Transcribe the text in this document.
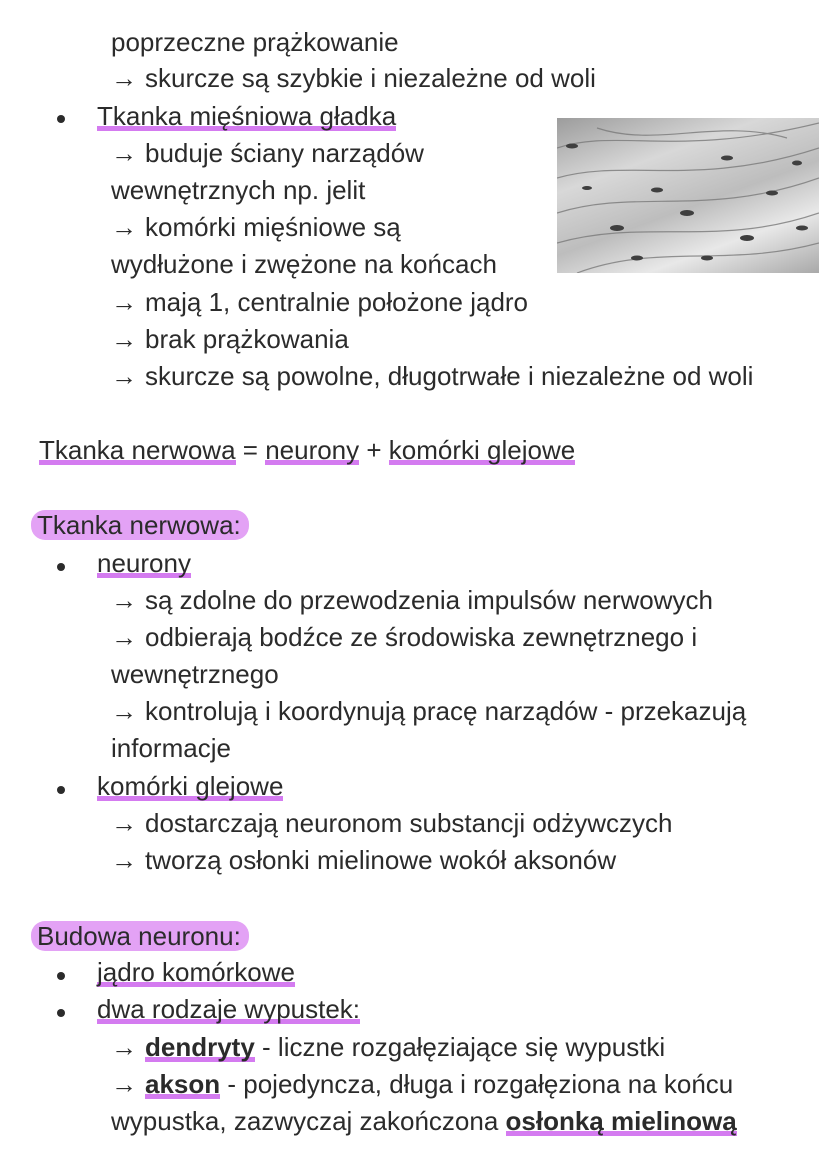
poprzeczne prążkowanie
→ skurcze są szybkie i niezależne od woli
Tkanka mięśniowa gładka
→ buduje ściany narządów
wewnętrznych np. jelit
→ komórki mięśniowe są
wydłużone i zwężone na końcach
→ mają 1, centralnie położone jądro
→ brak prążkowania
→ skurcze są powolne, długotrwałe i niezależne od woli
Tkanka nerwowa = neurony + komórki glejowe
Tkanka nerwowa:
neurony
→ są zdolne do przewodzenia impulsów nerwowych
→ odbierają bodźce ze środowiska zewnętrznego i
wewnętrznego
→ kontrolują i koordynują pracę narządów - przekazują
informacje
komórki glejowe
→ dostarczają neuronom substancji odżywczych
→ tworzą osłonki mielinowe wokół aksonów
Budowa neuronu:
jądro komórkowe
dwa rodzaje wypustek:
→ dendryty - liczne rozgałęziające się wypustki
→ akson - pojedyncza, długa i rozgałęziona na końcu
wypustka, zazwyczaj zakończona osłonką mielinową
